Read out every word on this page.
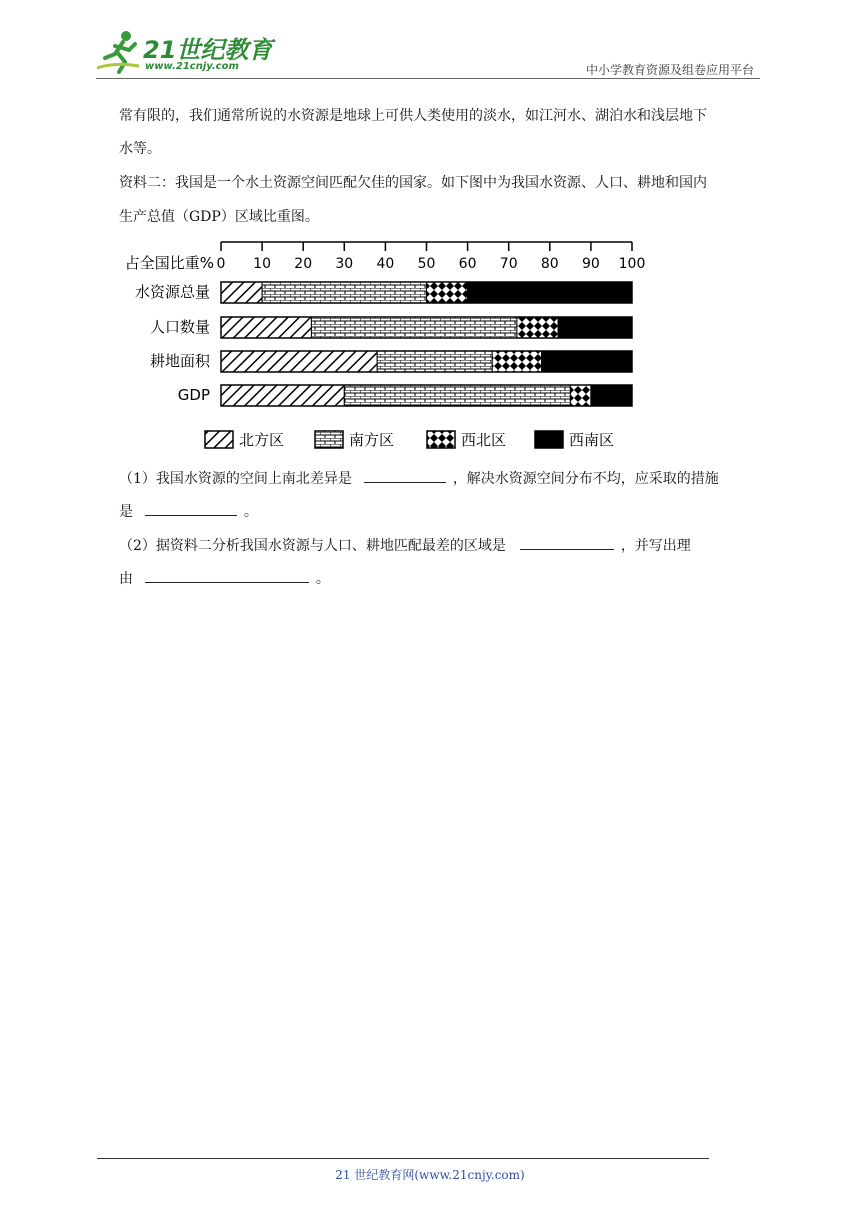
21世纪教育
www.21cnjy.com	中小学教育资源及组卷应用平台
常有限的，我们通常所说的水资源是地球上可供人类使用的淡水，如江河水、湖泊水和浅层地下
水等。
资料二：我国是一个水土资源空间匹配欠佳的国家。如下图中为我国水资源、人口、耕地和国内
生产总值（GDP）区域比重图。
0 10 20 30 40 50 60 70 80 90 100
占全国比重%
水资源总量
人口数量
耕地面积
GDP
北方区	南方区	西北区	西南区
（1）我国水资源的空间上南北差异是	，解决水资源空间分布不均，应采取的措施
是	。
（2）据资料二分析我国水资源与人口、耕地匹配最差的区域是	，并写出理
由	。
21 世纪教育网(www.21cnjy.com)
